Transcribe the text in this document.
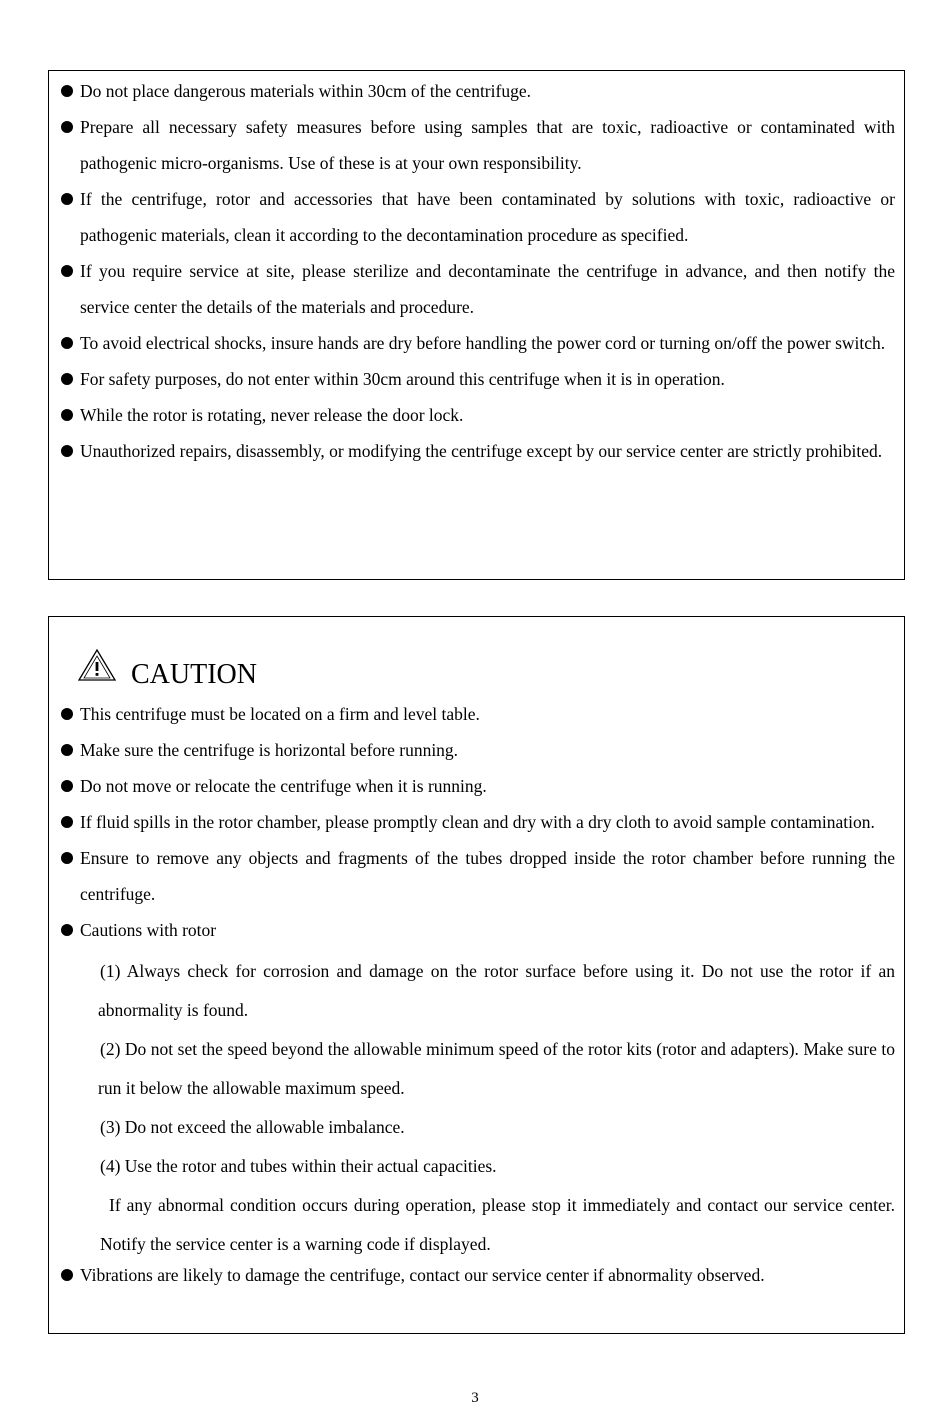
Do not place dangerous materials within 30cm of the centrifuge.
Prepare all necessary safety measures before using samples that are toxic, radioactive or contaminated with pathogenic micro-organisms. Use of these is at your own responsibility.
If the centrifuge, rotor and accessories that have been contaminated by solutions with toxic, radioactive or pathogenic materials, clean it according to the decontamination procedure as specified.
If you require service at site, please sterilize and decontaminate the centrifuge in advance, and then notify the service center the details of the materials and procedure.
To avoid electrical shocks, insure hands are dry before handling the power cord or turning on/off the power switch.
For safety purposes, do not enter within 30cm around this centrifuge when it is in operation.
While the rotor is rotating, never release the door lock.
Unauthorized repairs, disassembly, or modifying the centrifuge except by our service center are strictly prohibited.
CAUTION
This centrifuge must be located on a firm and level table.
Make sure the centrifuge is horizontal before running.
Do not move or relocate the centrifuge when it is running.
If fluid spills in the rotor chamber, please promptly clean and dry with a dry cloth to avoid sample contamination.
Ensure to remove any objects and fragments of the tubes dropped inside the rotor chamber before running the centrifuge.
Cautions with rotor
(1) Always check for corrosion and damage on the rotor surface before using it. Do not use the rotor if an abnormality is found.
(2) Do not set the speed beyond the allowable minimum speed of the rotor kits (rotor and adapters). Make sure to run it below the allowable maximum speed.
(3) Do not exceed the allowable imbalance.
(4) Use the rotor and tubes within their actual capacities.
If any abnormal condition occurs during operation, please stop it immediately and contact our service center. Notify the service center is a warning code if displayed.
Vibrations are likely to damage the centrifuge, contact our service center if abnormality observed.
3
